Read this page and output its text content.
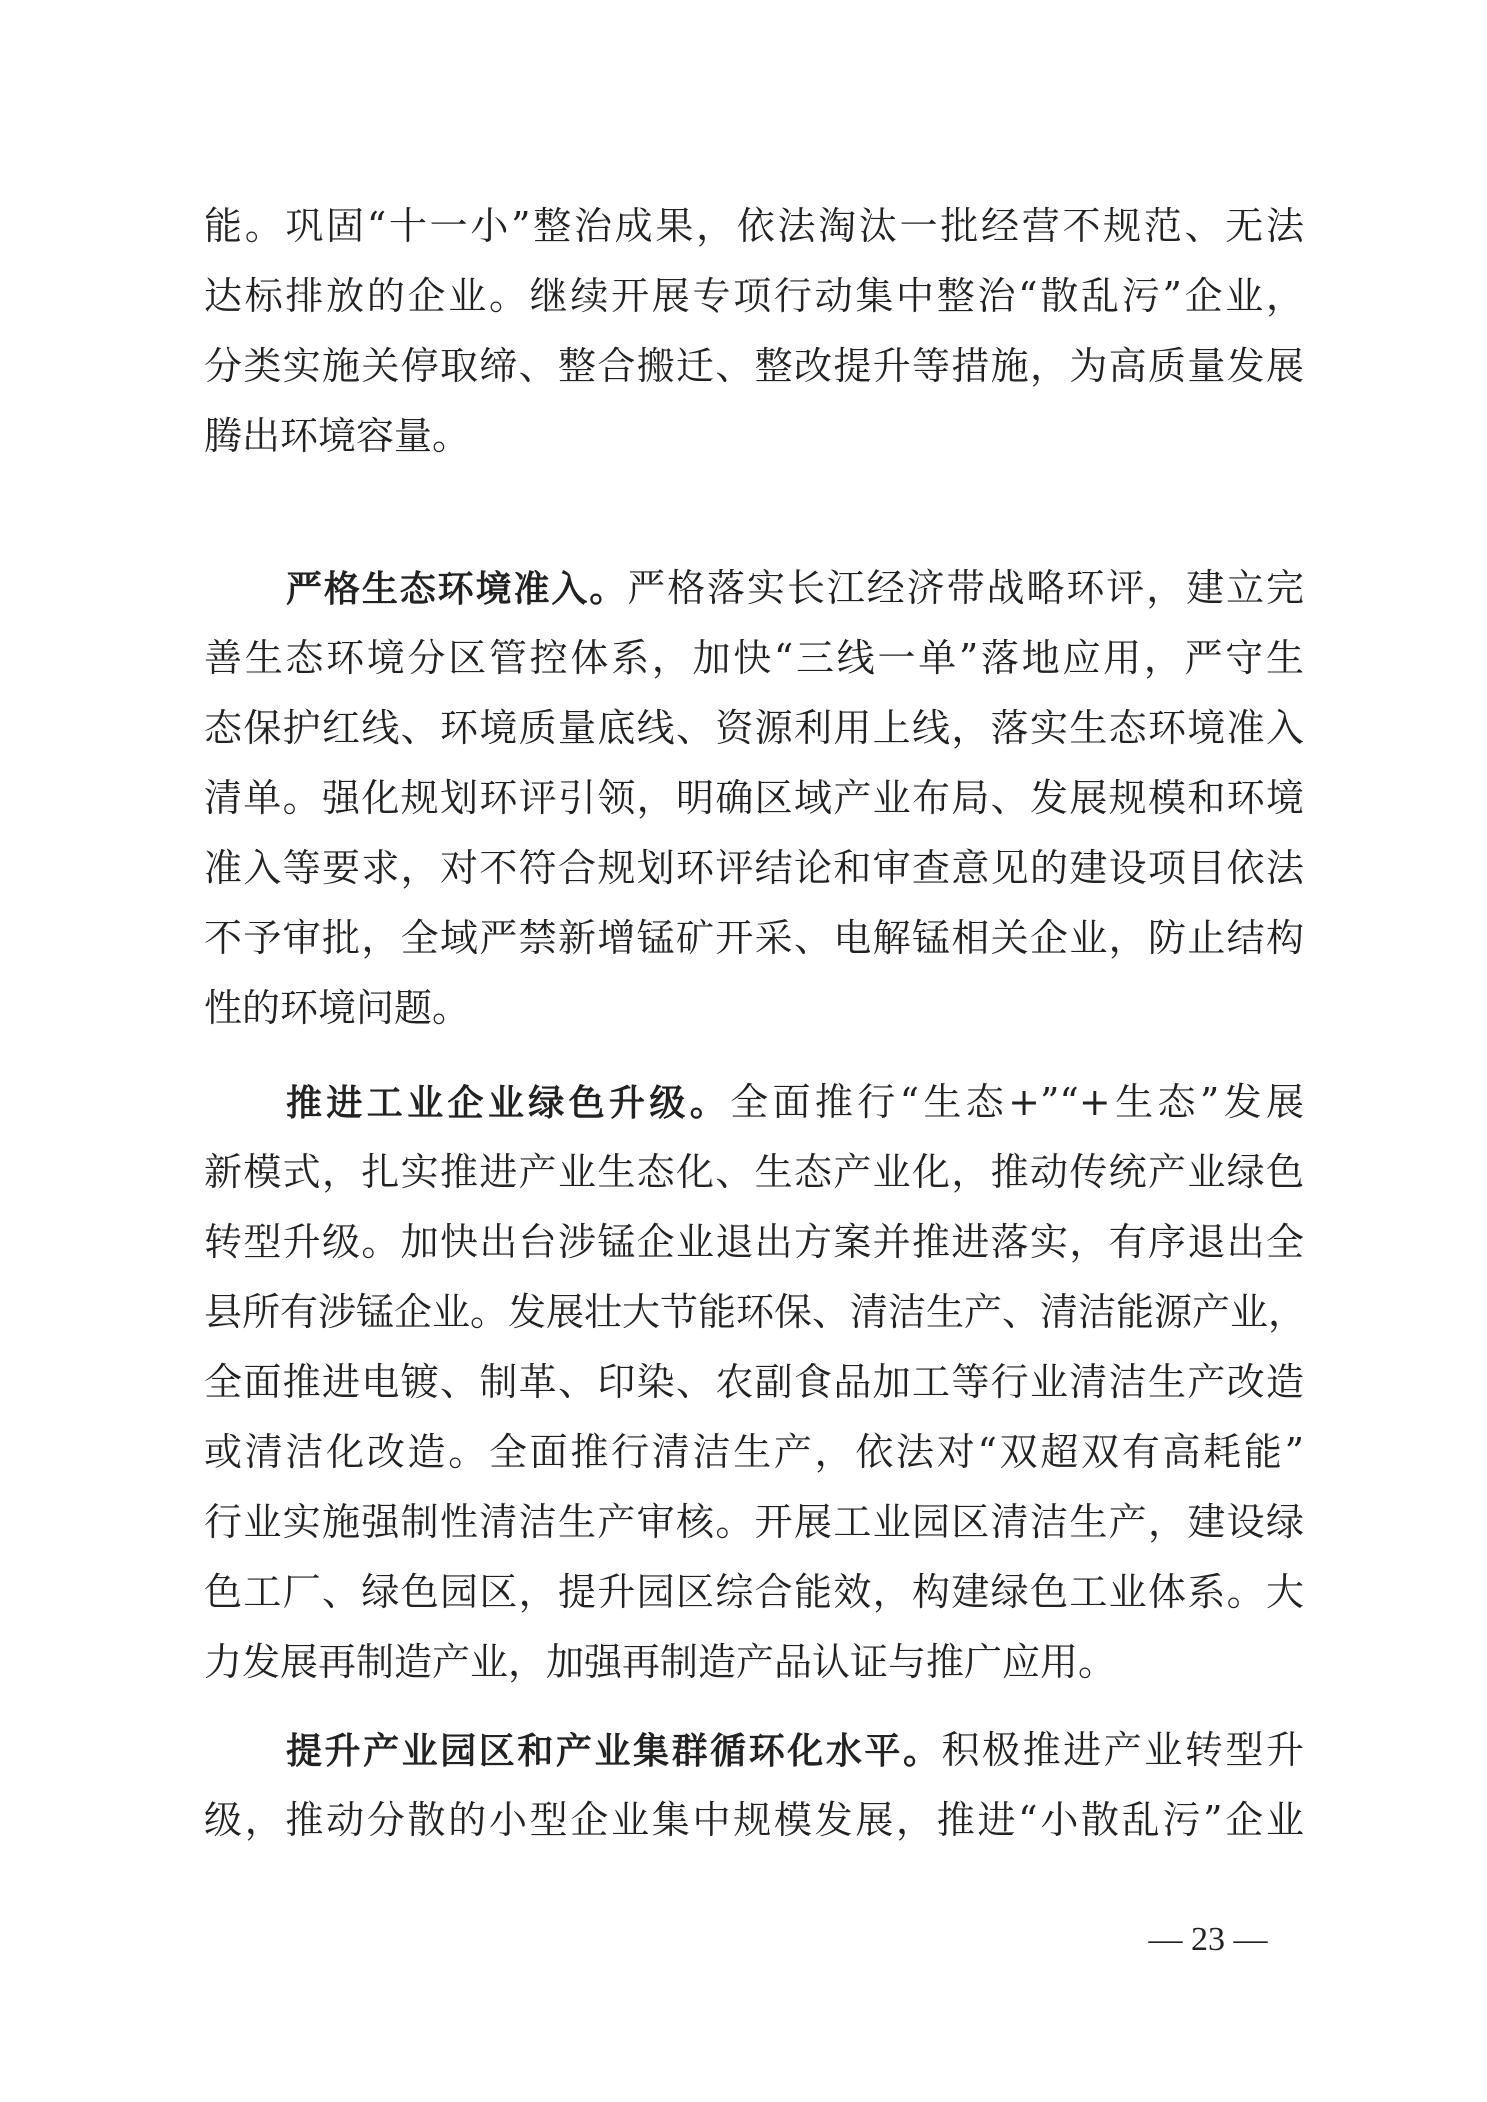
能。巩固“十一小”整治成果，依法淘汰一批经营不规范、无法
达标排放的企业。继续开展专项行动集中整治“散乱污”企业，
分类实施关停取缔、整合搬迁、整改提升等措施，为高质量发展
腾出环境容量。
严格生态环境准入。严格落实长江经济带战略环评，建立完
善生态环境分区管控体系，加快“三线一单”落地应用，严守生
态保护红线、环境质量底线、资源利用上线，落实生态环境准入
清单。强化规划环评引领，明确区域产业布局、发展规模和环境
准入等要求，对不符合规划环评结论和审查意见的建设项目依法
不予审批，全域严禁新增锰矿开采、电解锰相关企业，防止结构
性的环境问题。
推进工业企业绿色升级。全面推行“生态+”“+生态”发展
新模式，扎实推进产业生态化、生态产业化，推动传统产业绿色
转型升级。加快出台涉锰企业退出方案并推进落实，有序退出全
县所有涉锰企业。发展壮大节能环保、清洁生产、清洁能源产业，
全面推进电镀、制革、印染、农副食品加工等行业清洁生产改造
或清洁化改造。全面推行清洁生产，依法对“双超双有高耗能”
行业实施强制性清洁生产审核。开展工业园区清洁生产，建设绿
色工厂、绿色园区，提升园区综合能效，构建绿色工业体系。大
力发展再制造产业，加强再制造产品认证与推广应用。
提升产业园区和产业集群循环化水平。积极推进产业转型升
级，推动分散的小型企业集中规模发展，推进“小散乱污”企业
— 23 —
